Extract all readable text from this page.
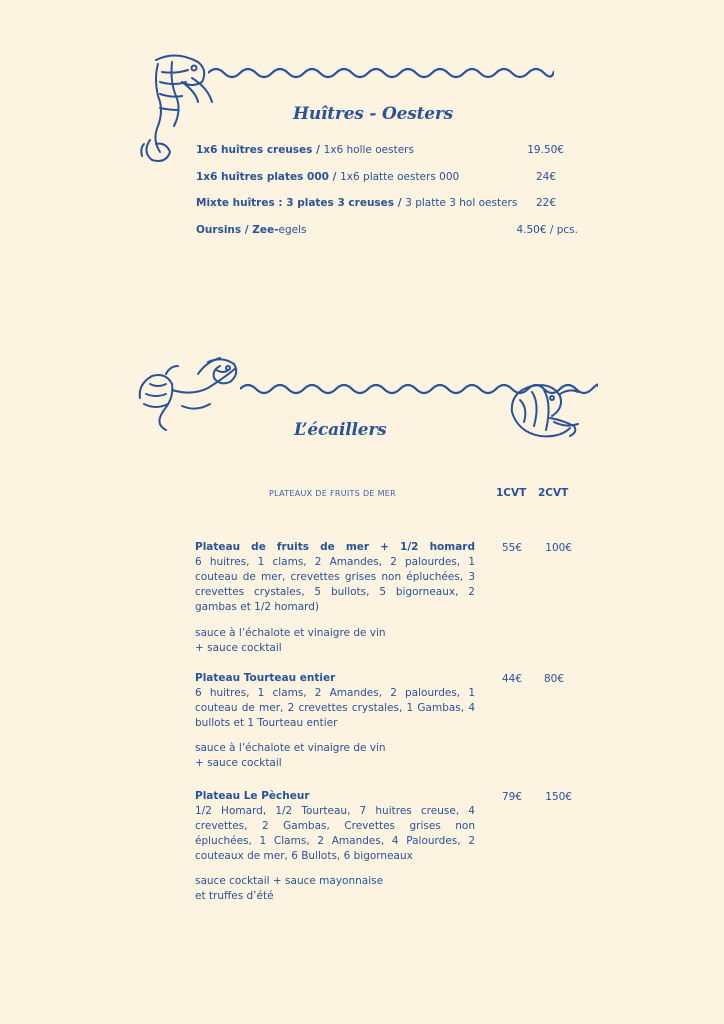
Huîtres - Oesters
1x6 huîtres creuses / 1x6 holle oesters	19.50€
1x6 huîtres plates 000 / 1x6 platte oesters 000	24€
Mixte huîtres : 3 plates 3 creuses / 3 platte 3 hol oesters	22€
Oursins / Zee-egels	4.50€ / pcs.
L’écaillers
PLATEAUX DE FRUITS DE MER	1CVT 2CVT
Plateau de fruits de mer + 1/2 homard
6 huitres, 1 clams, 2 Amandes, 2 palourdes, 1 couteau de mer, crevettes grises non épluchées, 3 crevettes crystales, 5 bullots, 5 bigorneaux, 2 gambas et 1/2 homard)
sauce à l’échalote et vinaigre de vin
+ sauce cocktail
55€	100€
Plateau Tourteau entier
6 huitres, 1 clams, 2 Amandes, 2 palourdes, 1 couteau de mer, 2 crevettes crystales, 1 Gambas, 4 bullots et 1 Tourteau entier
sauce à l’échalote et vinaigre de vin
+ sauce cocktail
44€	80€
Plateau Le Pècheur
1/2 Homard, 1/2 Tourteau, 7 huitres creuse, 4 crevettes, 2 Gambas, Crevettes grises non épluchées, 1 Clams, 2 Amandes, 4 Palourdes, 2 couteaux de mer, 6 Bullots, 6 bigorneaux
sauce cocktail + sauce mayonnaise
et truffes d’été
79€	150€
